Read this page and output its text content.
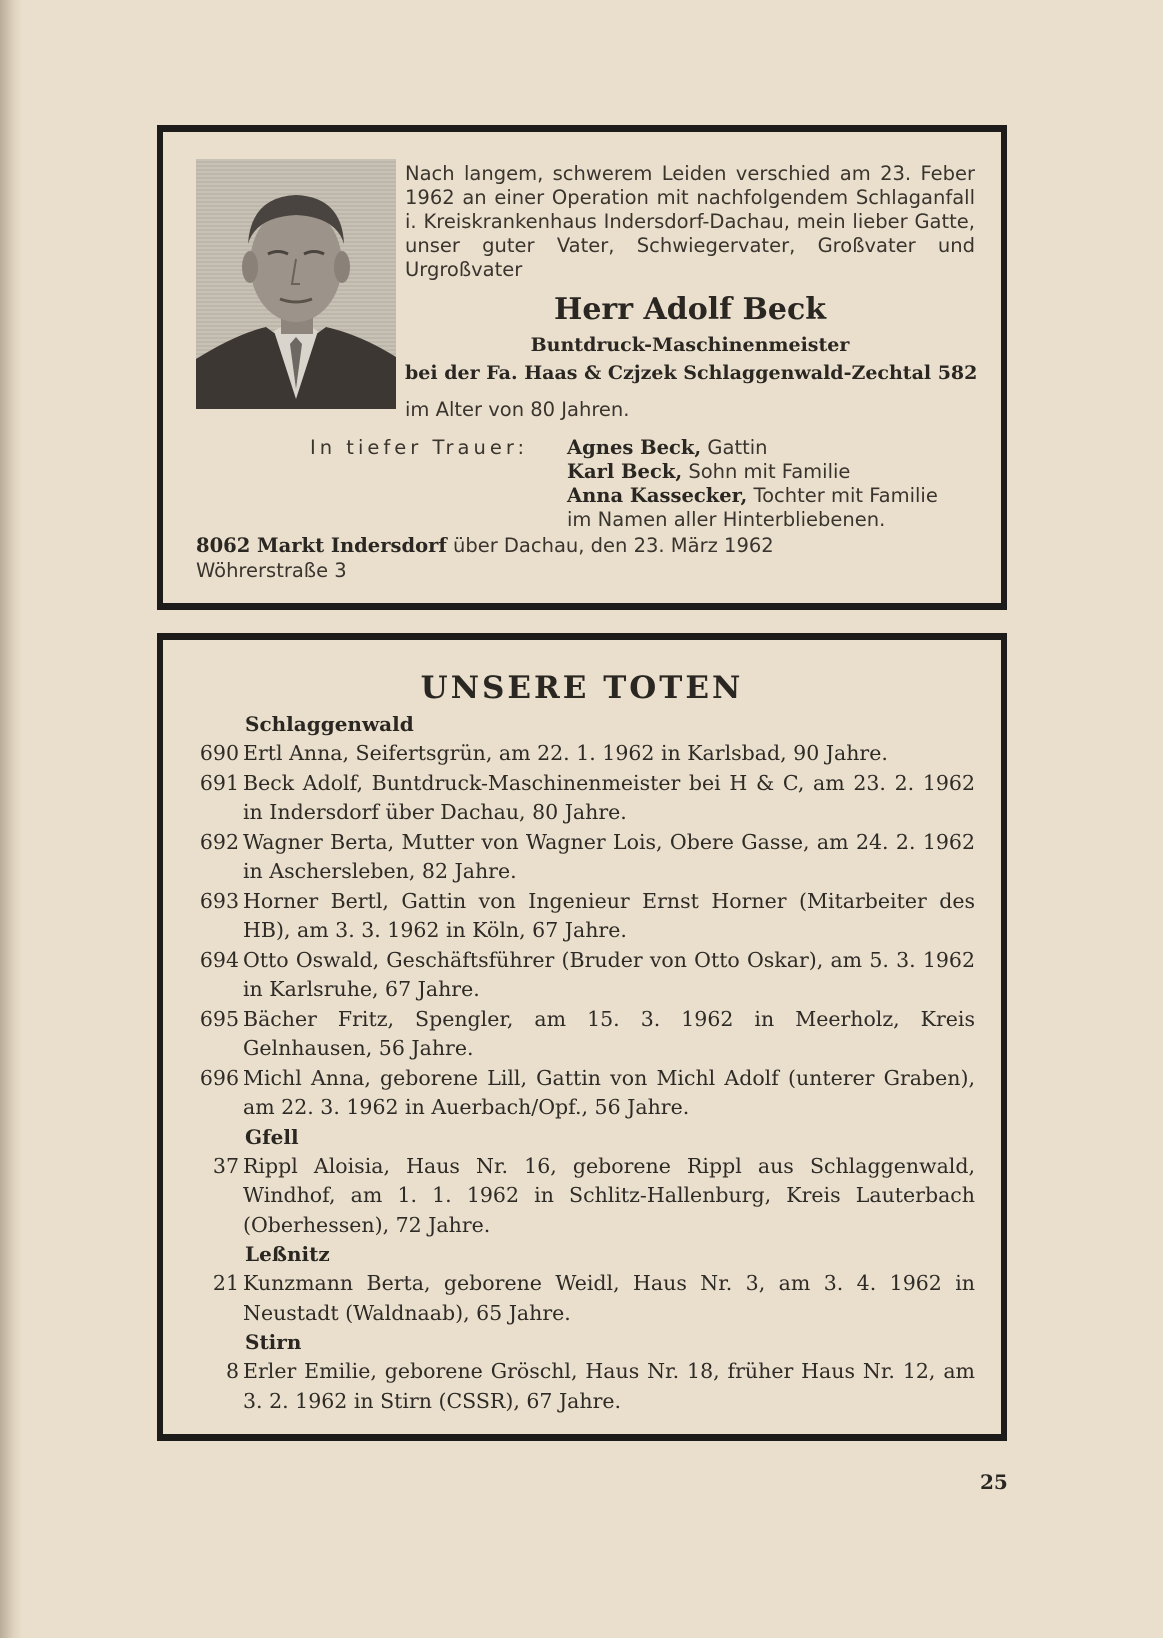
Nach langem, schwerem Leiden verschied am 23. Feber 1962 an einer Operation mit nachfolgendem Schlaganfall i. Kreiskrankenhaus Indersdorf-Dachau, mein lieber Gatte, unser guter Vater, Schwiegervater, Großvater und Urgroßvater
Herr Adolf Beck
Buntdruck-Maschinenmeister
bei der Fa. Haas & Czjzek Schlaggenwald-Zechtal 582
im Alter von 80 Jahren.
In tiefer Trauer: Agnes Beck, Gattin
Karl Beck, Sohn mit Familie
Anna Kassecker, Tochter mit Familie
im Namen aller Hinterbliebenen.
8062 Markt Indersdorf über Dachau, den 23. März 1962
Wöhrerstraße 3
UNSERE TOTEN
Schlaggenwald
690 Ertl Anna, Seifertsgrün, am 22. 1. 1962 in Karlsbad, 90 Jahre.
691 Beck Adolf, Buntdruck-Maschinenmeister bei H & C, am 23. 2. 1962 in Indersdorf über Dachau, 80 Jahre.
692 Wagner Berta, Mutter von Wagner Lois, Obere Gasse, am 24. 2. 1962 in Aschersleben, 82 Jahre.
693 Horner Bertl, Gattin von Ingenieur Ernst Horner (Mitarbeiter des HB), am 3. 3. 1962 in Köln, 67 Jahre.
694 Otto Oswald, Geschäftsführer (Bruder von Otto Oskar), am 5. 3. 1962 in Karlsruhe, 67 Jahre.
695 Bächer Fritz, Spengler, am 15. 3. 1962 in Meerholz, Kreis Gelnhausen, 56 Jahre.
696 Michl Anna, geborene Lill, Gattin von Michl Adolf (unterer Graben), am 22. 3. 1962 in Auerbach/Opf., 56 Jahre.
Gfell
37 Rippl Aloisia, Haus Nr. 16, geborene Rippl aus Schlaggenwald, Windhof, am 1. 1. 1962 in Schlitz-Hallenburg, Kreis Lauterbach (Oberhessen), 72 Jahre.
Leßnitz
21 Kunzmann Berta, geborene Weidl, Haus Nr. 3, am 3. 4. 1962 in Neustadt (Waldnaab), 65 Jahre.
Stirn
8 Erler Emilie, geborene Gröschl, Haus Nr. 18, früher Haus Nr. 12, am 3. 2. 1962 in Stirn (CSSR), 67 Jahre.
25
